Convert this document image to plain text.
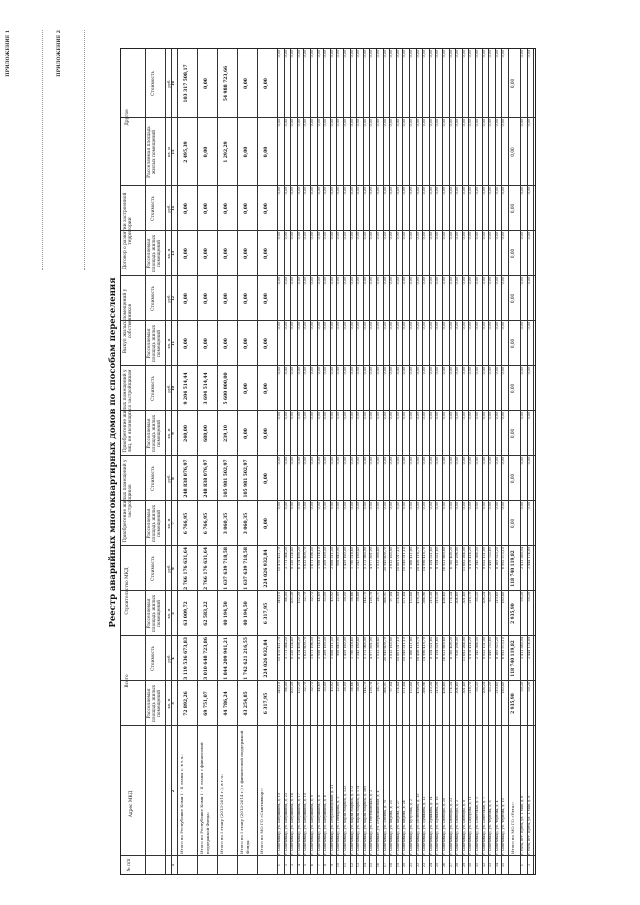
ПРИЛОЖЕНИЕ 1	ПРИЛОЖЕНИЕ 2
Реестр аварийных многоквартирных домов по способам переселения
№ п/п
Адрес МКД
Всего
Строительство МКД
Приобретение жилых помещений у застройщиков
Приобретение жилых помещений у лиц, не являющихся застройщиком
Выкуп жилых помещений у собственников
Договор о развитии застроенной территории
Другое
Расселяемая площадь жилых помещений
Стоимость
кв. м
руб.
Расселяемая площадь жилых помещений
Стоимость
кв. м
руб.
Расселяемая площадь жилых помещений
Стоимость
кв. м
руб.
Расселяемая площадь жилых помещений
Стоимость
кв. м
руб.
Расселяемая площадь жилых помещений
Стоимость
кв. м
руб.
Расселяемая площадь жилых помещений
Стоимость
кв. м
руб.
Расселяемая площадь жилых помещений
Стоимость
кв. м
руб.
1
2
3
4
5
6
7
8
9
10
11
12
13
14
15
16
Итого по Республике Коми I - II этапы с. в т.ч.:
72 892,26
3 119 536 673,83
63 009,72
2 766 176 631,64
6 766,95
248 838 076,97
240,00
9 204 514,44
0,00
0,00
0,00
0,00
2 495,39
103 317 508,17
Итого по Республике Коми I - II этапы с финансовой поддержкой Фонда:
69 751,07
3 010 648 723,86
62 583,22
2 766 176 631,64
6 766,95
248 838 076,97
680,00
3 694 514,44
0,00
0,00
0,00
0,00
0,00
0,00
Итого по I этапу (2013-2014 г.), в т.ч.:
44 786,24
1 844 209 941,21
40 194,50
1 637 639 718,58
3 060,35
105 981 502,97
239,10
5 600 000,00
0,00
0,00
0,00
0,00
1 292,29
54 988 723,66
Итого по I этапу (2013-2014 г.) с финансовой поддержкой Фонда:
43 254,85
1 742 621 216,55
40 194,50
1 637 639 718,58
3 060,35
105 981 502,97
0,00
0,00
0,00
0,00
0,00
0,00
0,00
0,00
Итого по МО ГО «Сыктывкар»:
6 317,95
224 026 932,84
6 317,95
224 026 932,84
0,00
0,00
0,00
0,00
0,00
0,00
0,00
0,00
0,00
0,00
1
г. Сыктывкар, ул. Бабушкина, д. 19
249,10
10 470 421,70
249,10
10 470 421,70
0,00
0,00
0,00
0,00
0,00
0,00
0,00
0,00
0,00
0,00
2
г. Сыктывкар, ул. Бабушкина, д. 23
86,00
3 771 564,20
86,00
3 771 564,20
0,00
0,00
0,00
0,00
0,00
0,00
0,00
0,00
0,00
0,00
3
г. Сыктывкар, ул. Бабушкина, д. 16
203,30
8 320 124,40
203,30
8 320 124,40
0,00
0,00
0,00
0,00
0,00
0,00
0,00
0,00
0,00
0,00
4
г. Сыктывкар, ул. Бабушкина, д. 17
152,20
6 174 498,20
152,20
6 174 498,20
0,00
0,00
0,00
0,00
0,00
0,00
0,00
0,00
0,00
0,00
5
г. Сыктывкар, ул. Бабушкина, д. 10
32,70
1 633 609,70
32,70
1 633 609,70
0,00
0,00
0,00
0,00
0,00
0,00
0,00
0,00
0,00
0,00
6
г. Сыктывкар, ул. Бабушкина, д. 9
32,73
1 671 196,50
32,73
1 671 196,50
0,00
0,00
0,00
0,00
0,00
0,00
0,00
0,00
0,00
0,00
7
г. Сыктывкар, ул. Бабушкина, д. 4
44,69
1 998 114,10
44,69
1 998 114,10
0,00
0,00
0,00
0,00
0,00
0,00
0,00
0,00
0,00
0,00
8
г. Сыктывкар, ул. Бабушкина, д. 6
33,00
1 309 189,50
33,00
1 309 189,50
0,00
0,00
0,00
0,00
0,00
0,00
0,00
0,00
0,00
0,00
9
г. Сыктывкар, ул. Петрозаводская, д. 21
45,02
2 008 211,50
45,02
2 008 211,50
0,00
0,00
0,00
0,00
0,00
0,00
0,00
0,00
0,00
0,00
10
г. Сыктывкар, ул. Гончарова, д. 3
22,89
908 640,90
22,89
908 640,90
0,00
0,00
0,00
0,00
0,00
0,00
0,00
0,00
0,00
0,00
11
г. Сыктывкар, ул. Карла Маркса, д. 122
38,00
1 459 160,00
38,00
1 459 160,00
0,00
0,00
0,00
0,00
0,00
0,00
0,00
0,00
0,00
0,00
12
г. Сыктывкар, ул. Карла Маркса, д. 172
56,66
1 790 518,60
56,66
1 790 518,60
0,00
0,00
0,00
0,00
0,00
0,00
0,00
0,00
0,00
0,00
13
г. Сыктывкар, ул. Карла Маркса, д. 174
38,48
1 543 180,40
38,48
1 543 180,40
0,00
0,00
0,00
0,00
0,00
0,00
0,00
0,00
0,00
0,00
14
г. Сыктывкар, ул. Карла Маркса, д. 169
144,70
5 172 965,90
144,70
5 172 965,90
0,00
0,00
0,00
0,00
0,00
0,00
0,00
0,00
0,00
0,00
15
г. Сыктывкар, ул. Тентюковская, д. 3
128,78
4 977 891,00
128,78
4 977 891,00
0,00
0,00
0,00
0,00
0,00
0,00
0,00
0,00
0,00
0,00
16
г. Сыктывкar, ул. Первомайская, д. 4
26,71
1 033 388,40
26,71
1 033 388,40
0,00
0,00
0,00
0,00
0,00
0,00
0,00
0,00
0,00
0,00
17
г. Сыктывкар, ул. Ленина, д. 70
366,91
20 949 609,70
366,91
20 949 609,70
0,00
0,00
0,00
0,00
0,00
0,00
0,00
0,00
0,00
0,00
18
г. Сыктывкар, ул. Кирова, д. 25
97,84
3 813 165,80
97,84
3 813 165,80
0,00
0,00
0,00
0,00
0,00
0,00
0,00
0,00
0,00
0,00
19
г. Сыктывкар, ул. Кирова, д. 27
274,44
10 801 017,10
274,44
10 801 017,10
0,00
0,00
0,00
0,00
0,00
0,00
0,00
0,00
0,00
0,00
20
г. Сыктывкар, ул. Кирова, д. 24
271,44
10 549 311,10
271,44
10 549 311,10
0,00
0,00
0,00
0,00
0,00
0,00
0,00
0,00
0,00
0,00
21
г. Сыктывкар, ул. Кутузова, д. 2
133,48
5 166 411,80
133,48
5 166 411,80
0,00
0,00
0,00
0,00
0,00
0,00
0,00
0,00
0,00
0,00
22
г. Сыктывкар, ул. Оплеснина, д. 15
476,34
18 456 118,70
476,34
18 456 118,70
0,00
0,00
0,00
0,00
0,00
0,00
0,00
0,00
0,00
0,00
23
г. Сыктывкар, ул. Пушкина, д. 12
386,96
14 996 418,70
386,96
14 996 418,70
0,00
0,00
0,00
0,00
0,00
0,00
0,00
0,00
0,00
0,00
24
г. Сыктывкар, ул. Пушкина, д. 14
210,38
8 154 521,60
210,38
8 154 521,60
0,00
0,00
0,00
0,00
0,00
0,00
0,00
0,00
0,00
0,00
25
г. Сыктывкар, ул. Пушкина, д. 18
210,38
8 154 521,60
210,38
8 154 521,60
0,00
0,00
0,00
0,00
0,00
0,00
0,00
0,00
0,00
0,00
26
г. Сыктывкар, ул. Свободы, д. 20
436,60
16 921 869,60
436,60
16 921 869,60
0,00
0,00
0,00
0,00
0,00
0,00
0,00
0,00
0,00
0,00
27
г. Сыктывкар, ул. Свободы, д. 23
174,34
6 760 408,20
174,34
6 760 408,20
0,00
0,00
0,00
0,00
0,00
0,00
0,00
0,00
0,00
0,00
28
г. Сыктывкар, ул. Свободы, д. 2
204,60
7 930 296,00
204,60
7 930 296,00
0,00
0,00
0,00
0,00
0,00
0,00
0,00
0,00
0,00
0,00
29
г. Сыктывкар, ул. Свободы, д. 8
301,40
11 682 264,00
301,40
11 682 264,00
0,00
0,00
0,00
0,00
0,00
0,00
0,00
0,00
0,00
0,00
30
г. Сыктывкар, ул. Сидорова, д. 11
218,70
8 478 414,20
218,70
8 478 414,20
0,00
0,00
0,00
0,00
0,00
0,00
0,00
0,00
0,00
0,00
31
г. Сыктывкар, ул. Советская, д. 1
55,35
2 145 366,50
55,35
2 145 366,50
0,00
0,00
0,00
0,00
0,00
0,00
0,00
0,00
0,00
0,00
32
г. Сыктывкар, ул. Советская, д. 7
208,24
8 052 131,00
208,24
8 052 131,00
0,00
0,00
0,00
0,00
0,00
0,00
0,00
0,00
0,00
0,00
33
г. Сыктывкар, ул. Чернова, д. 8
63,20
2 449 753,60
63,20
2 449 753,60
0,00
0,00
0,00
0,00
0,00
0,00
0,00
0,00
0,00
0,00
34
г. Сыктывкар, ул. Чернова, д. 4
210,60
8 169 523,20
210,60
8 169 523,20
0,00
0,00
0,00
0,00
0,00
0,00
0,00
0,00
0,00
0,00
35
г. Сыктывкар, ул. Чернова, д. 10
180,40
6 993 573,10
180,40
6 993 573,10
0,00
0,00
0,00
0,00
0,00
0,00
0,00
0,00
0,00
0,00
Итого по МО ГО «Ухта»:
2 935,90
118 740 119,82
2 935,90
118 740 119,82
0,00
0,00
0,00
0,00
0,00
0,00
0,00
0,00
0,00
0,00
1
г. Ухта, пгт. Ярега, ул. 1 Мая, д. 6
59,30
2 411 380,94
59,30
2 411 380,94
0,00
0,00
0,00
0,00
0,00
0,00
0,00
0,00
0,00
0,00
2
г. Ухта, пгт. Ярега, ул. 1 Мая, д. 8
59,20
2 444 174,89
59,20
2 444 174,89
0,00
0,00
0,00
0,00
0,00
0,00
0,00
0,00
0,00
0,00
